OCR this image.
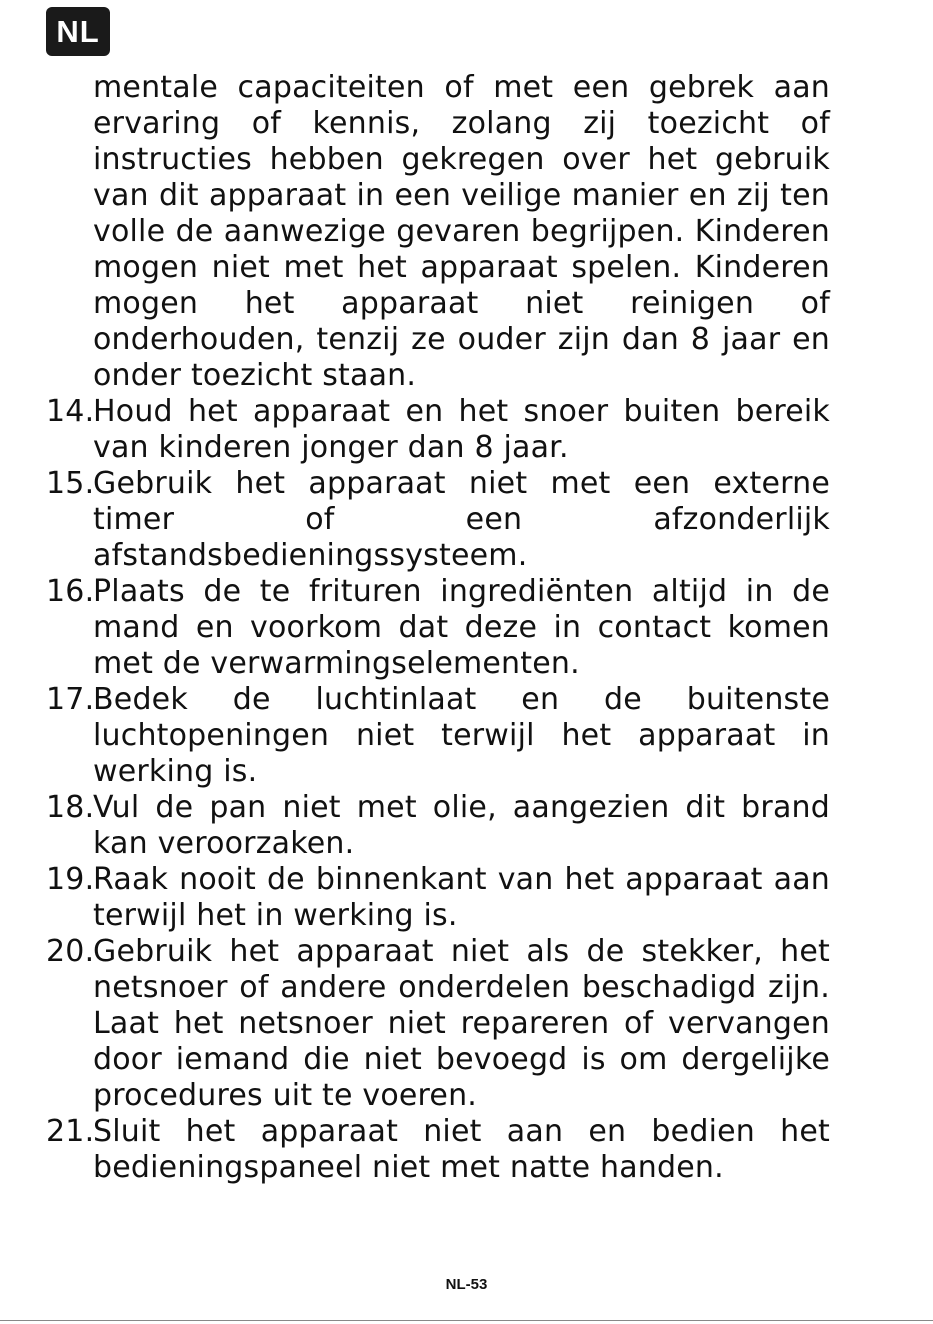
NL
mentale capaciteiten of met een gebrek aan ervaring of kennis, zolang zij toezicht of instructies hebben gekregen over het gebruik van dit apparaat in een veilige manier en zij ten volle de aanwezige gevaren begrijpen. Kinderen mogen niet met het apparaat spelen. Kinderen mogen het apparaat niet reinigen of onderhouden, tenzij ze ouder zijn dan 8 jaar en onder toezicht staan.
14.
Houd het apparaat en het snoer buiten bereik van kinderen jonger dan 8 jaar.
15.
Gebruik het apparaat niet met een externe timer of een afzonderlijk afstandsbedieningssysteem.
16.
Plaats de te frituren ingrediënten altijd in de mand en voorkom dat deze in contact komen met de verwarmingselementen.
17.
Bedek de luchtinlaat en de buitenste luchtopeningen niet terwijl het apparaat in werking is.
18.
Vul de pan niet met olie, aangezien dit brand kan veroorzaken.
19.
Raak nooit de binnenkant van het apparaat aan terwijl het in werking is.
20.
Gebruik het apparaat niet als de stekker, het netsnoer of andere onderdelen beschadigd zijn. Laat het netsnoer niet repareren of vervangen door iemand die niet bevoegd is om dergelijke procedures uit te voeren.
21.
Sluit het apparaat niet aan en bedien het bedieningspaneel niet met natte handen.
NL-53
